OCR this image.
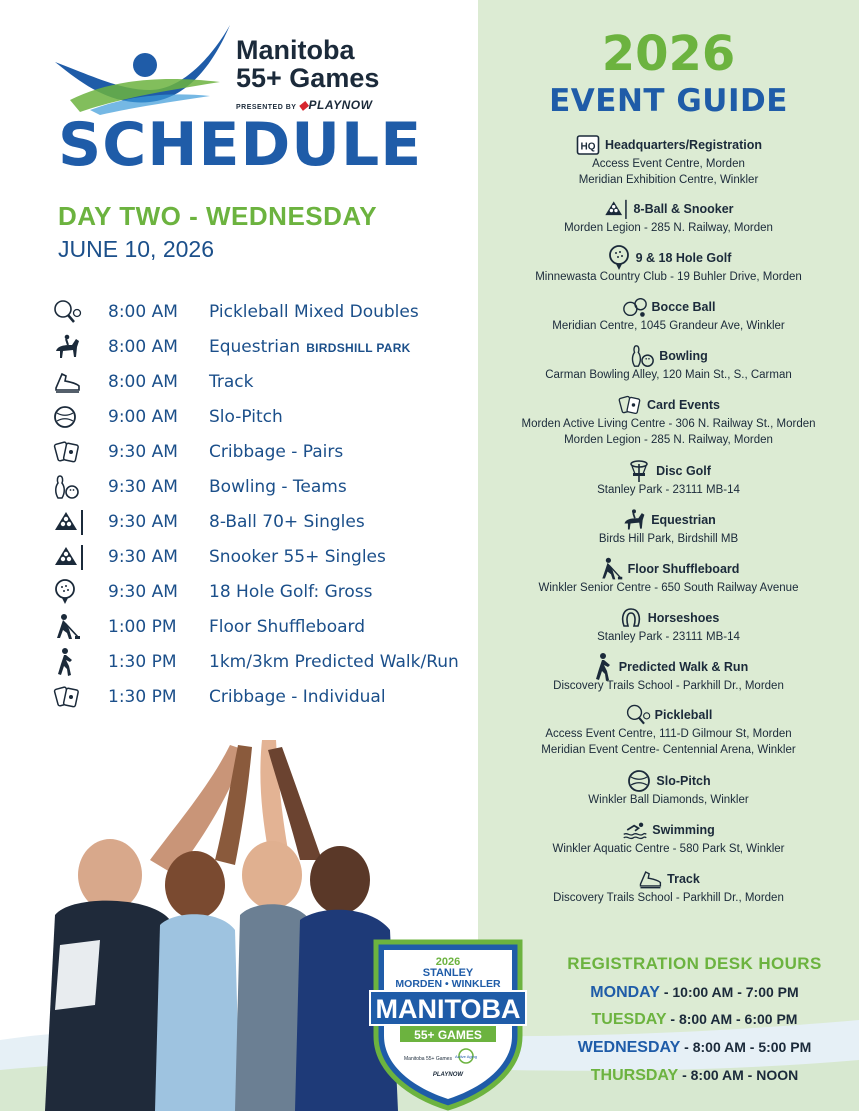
Manitoba
55+ Games
PRESENTED BY ◆PLAYNOW
SCHEDULE
DAY TWO - WEDNESDAY
JUNE 10, 2026
8:00 AM Pickleball Mixed Doubles
8:00 AM Equestrian BIRDSHILL PARK
8:00 AM Track
9:00 AM Slo-Pitch
9:30 AM Cribbage - Pairs
9:30 AM Bowling - Teams
9:30 AM 8-Ball 70+ Singles
9:30 AM Snooker 55+ Singles
9:30 AM 18 Hole Golf: Gross
1:00 PM Floor Shuffleboard
1:30 PM 1km/3km Predicted Walk/Run
1:30 PM Cribbage - Individual
2026
EVENT GUIDE
HQ Headquarters/Registration
Access Event Centre, Morden
Meridian Exhibition Centre, Winkler
8-Ball & Snooker
Morden Legion - 285 N. Railway, Morden
9 & 18 Hole Golf
Minnewasta Country Club - 19 Buhler Drive, Morden
Bocce Ball
Meridian Centre, 1045 Grandeur Ave, Winkler
Bowling
Carman Bowling Alley, 120 Main St., S., Carman
Card Events
Morden Active Living Centre - 306 N. Railway St., Morden
Morden Legion - 285 N. Railway, Morden
Disc Golf
Stanley Park - 23111 MB-14
Equestrian
Birds Hill Park, Birdshill MB
Floor Shuffleboard
Winkler Senior Centre - 650 South Railway Avenue
Horseshoes
Stanley Park - 23111 MB-14
Predicted Walk & Run
Discovery Trails School - Parkhill Dr., Morden
Pickleball
Access Event Centre, 111-D Gilmour St, Morden
Meridian Event Centre- Centennial Arena, Winkler
Slo-Pitch
Winkler Ball Diamonds, Winkler
Swimming
Winkler Aquatic Centre - 580 Park St, Winkler
Track
Discovery Trails School - Parkhill Dr., Morden
2026
STANLEY
MORDEN • WINKLER
MANITOBA
55+ GAMES
Manitoba 55+ Games Active Aging
PLAYNOW
REGISTRATION DESK HOURS
MONDAY - 10:00 AM - 7:00 PM
TUESDAY - 8:00 AM - 6:00 PM
WEDNESDAY - 8:00 AM - 5:00 PM
THURSDAY - 8:00 AM - NOON
